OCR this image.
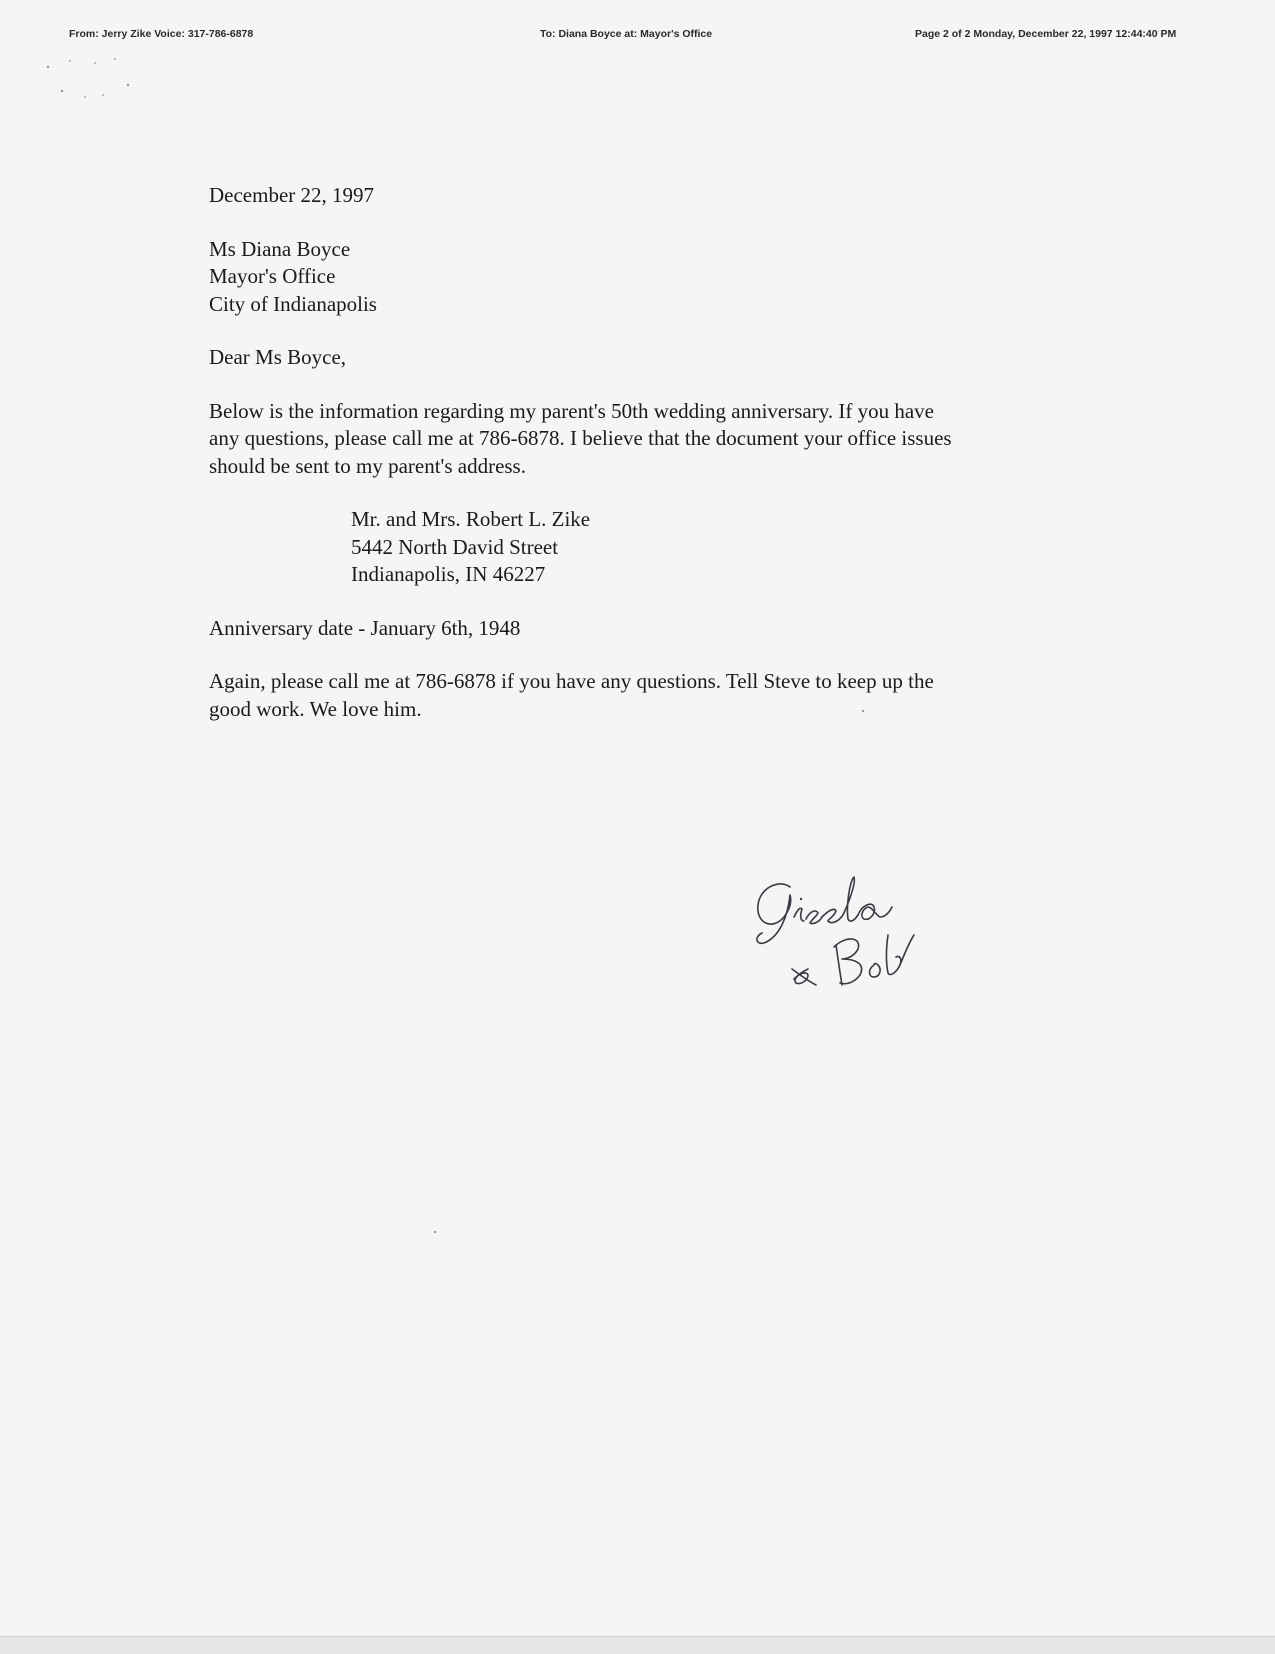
From: Jerry Zike Voice: 317-786-6878	To: Diana Boyce at: Mayor's Office	Page 2 of 2 Monday, December 22, 1997 12:44:40 PM

December 22, 1997

Ms Diana Boyce

Mayor's Office

City of Indianapolis

Dear Ms Boyce,

Below is the information regarding my parent's 50th wedding anniversary. If you have

any questions, please call me at 786-6878. I believe that the document your office issues

should be sent to my parent's address.

Mr. and Mrs. Robert L. Zike

5442 North David Street

Indianapolis, IN 46227

Anniversary date - January 6th, 1948

Again, please call me at 786-6878 if you have any questions. Tell Steve to keep up the

good work. We love him.
